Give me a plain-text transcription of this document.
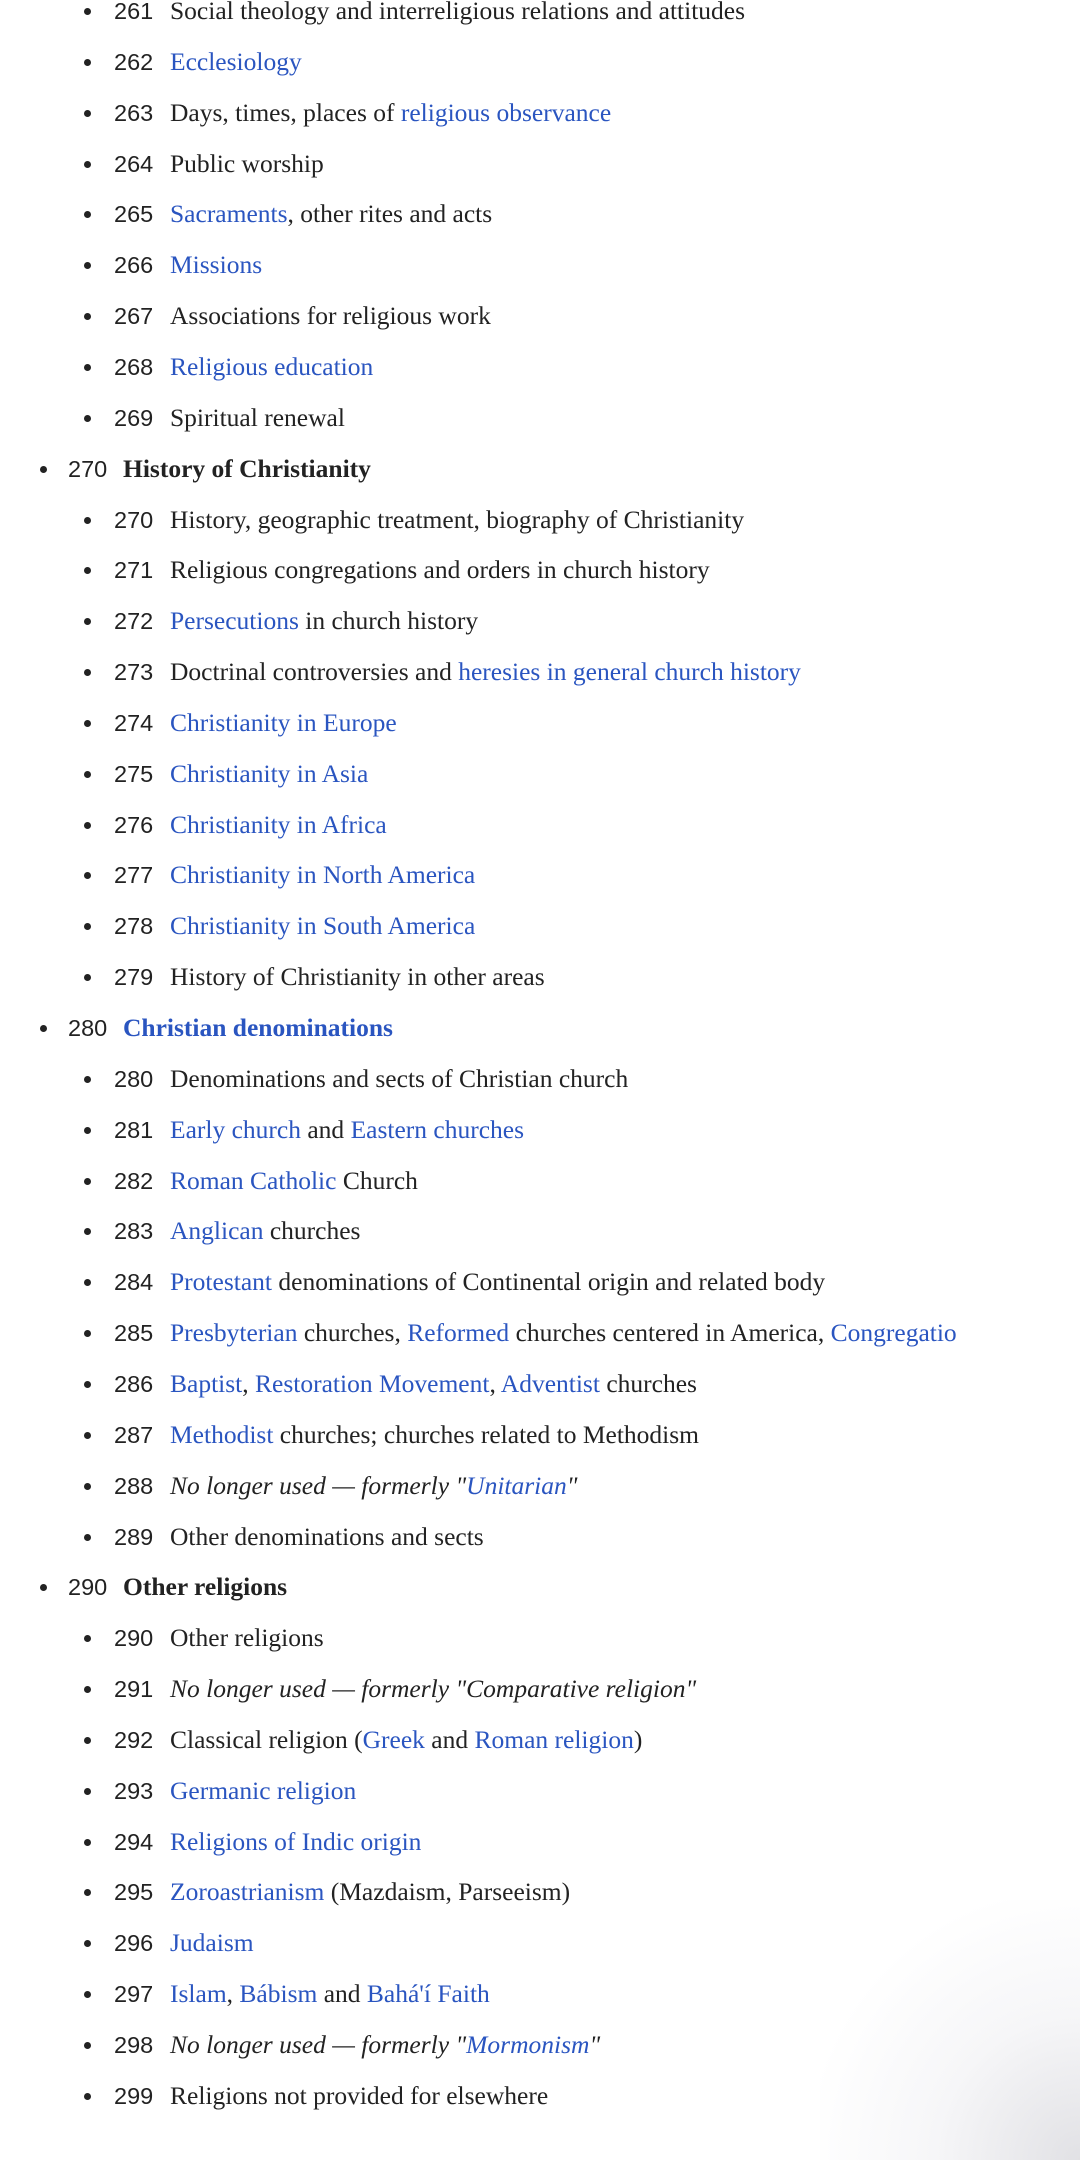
261 Social theology and interreligious relations and attitudes
262 Ecclesiology
263 Days, times, places of religious observance
264 Public worship
265 Sacraments, other rites and acts
266 Missions
267 Associations for religious work
268 Religious education
269 Spiritual renewal
270 History of Christianity
270 History, geographic treatment, biography of Christianity
271 Religious congregations and orders in church history
272 Persecutions in church history
273 Doctrinal controversies and heresies in general church history
274 Christianity in Europe
275 Christianity in Asia
276 Christianity in Africa
277 Christianity in North America
278 Christianity in South America
279 History of Christianity in other areas
280 Christian denominations
280 Denominations and sects of Christian church
281 Early church and Eastern churches
282 Roman Catholic Church
283 Anglican churches
284 Protestant denominations of Continental origin and related body
285 Presbyterian churches, Reformed churches centered in America, Congregatio
286 Baptist, Restoration Movement, Adventist churches
287 Methodist churches; churches related to Methodism
288 No longer used — formerly "Unitarian"
289 Other denominations and sects
290 Other religions
290 Other religions
291 No longer used — formerly "Comparative religion"
292 Classical religion (Greek and Roman religion)
293 Germanic religion
294 Religions of Indic origin
295 Zoroastrianism (Mazdaism, Parseeism)
296 Judaism
297 Islam, Bábism and Bahá'í Faith
298 No longer used — formerly "Mormonism"
299 Religions not provided for elsewhere
